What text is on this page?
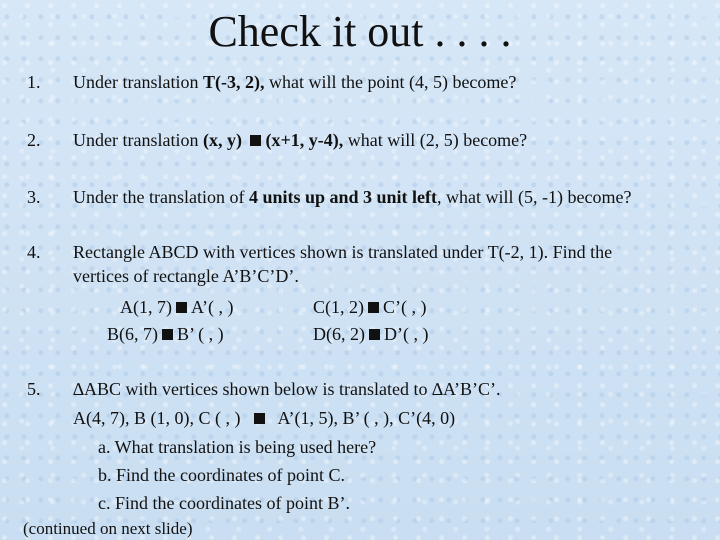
Check it out . . . .
1. Under translation T(-3, 2), what will the point (4, 5) become?
2. Under translation (x, y) (x+1, y-4), what will (2, 5) become?
3. Under the translation of 4 units up and 3 unit left, what will (5, -1) become?
4. Rectangle ABCD with vertices shown is translated under T(-2, 1). Find the
vertices of rectangle A’B’C’D’.
A(1, 7) A’( , )	C(1, 2) C’( , )
B(6, 7) B’ ( , )	D(6, 2) D’( , )
5. ∆ABC with vertices shown below is translated to ∆A’B’C’.
A(4, 7), B (1, 0), C ( , ) A’(1, 5), B’ ( , ), C’(4, 0)
a. What translation is being used here?
b. Find the coordinates of point C.
c. Find the coordinates of point B’.
(continued on next slide)
